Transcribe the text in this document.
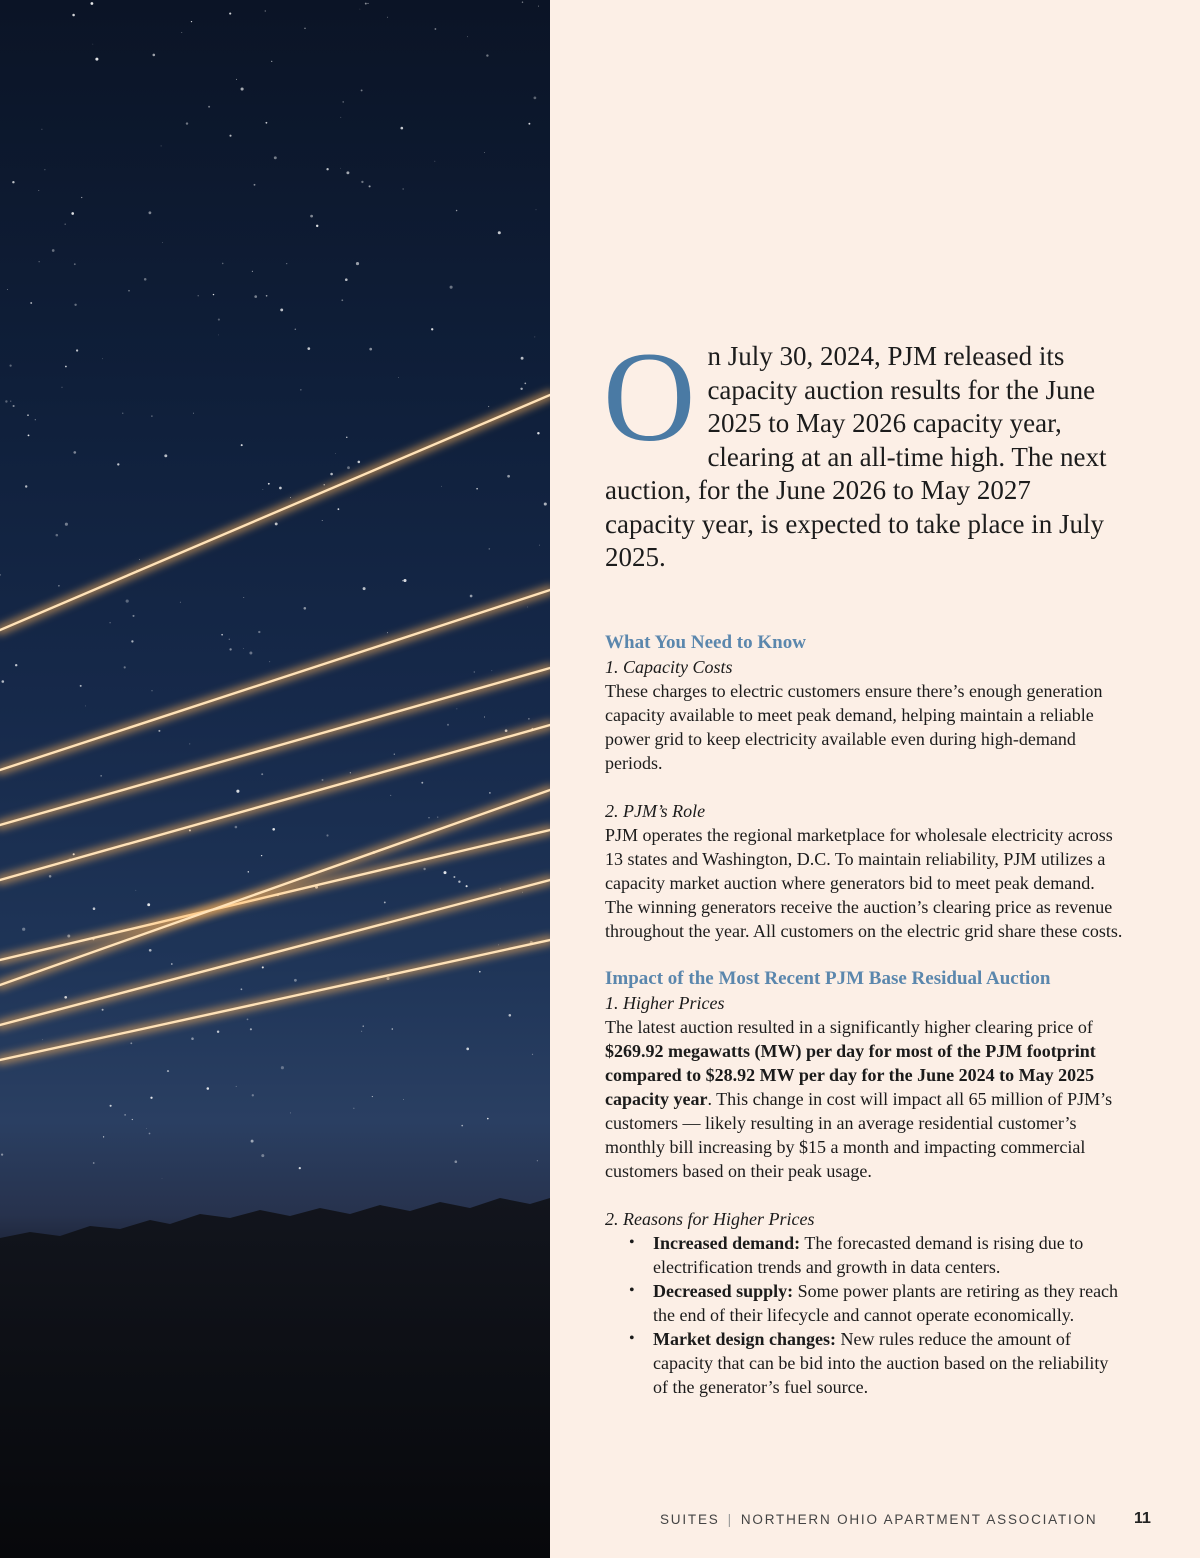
On July 30, 2024, PJM released its capacity auction results for the June 2025 to May 2026 capacity year, clearing at an all-time high. The next auction, for the June 2026 to May 2027 capacity year, is expected to take place in July 2025.

What You Need to Know

1. Capacity Costs

These charges to electric customers ensure there’s enough generation capacity available to meet peak demand, helping maintain a reliable power grid to keep electricity available even during high-demand periods.

2. PJM’s Role

PJM operates the regional marketplace for wholesale electricity across 13 states and Washington, D.C. To maintain reliability, PJM utilizes a capacity market auction where generators bid to meet peak demand. The winning generators receive the auction’s clearing price as revenue throughout the year. All customers on the electric grid share these costs.

Impact of the Most Recent PJM Base Residual Auction

1. Higher Prices

The latest auction resulted in a significantly higher clearing price of $269.92 megawatts (MW) per day for most of the PJM footprint compared to $28.92 MW per day for the June 2024 to May 2025 capacity year. This change in cost will impact all 65 million of PJM’s customers — likely resulting in an average residential customer’s monthly bill increasing by $15 a month and impacting commercial customers based on their peak usage.

2. Reasons for Higher Prices

• Increased demand: The forecasted demand is rising due to electrification trends and growth in data centers.
• Decreased supply: Some power plants are retiring as they reach the end of their lifecycle and cannot operate economically.
• Market design changes: New rules reduce the amount of capacity that can be bid into the auction based on the reliability of the generator’s fuel source.
SUITES | NORTHERN OHIO APARTMENT ASSOCIATION 11
